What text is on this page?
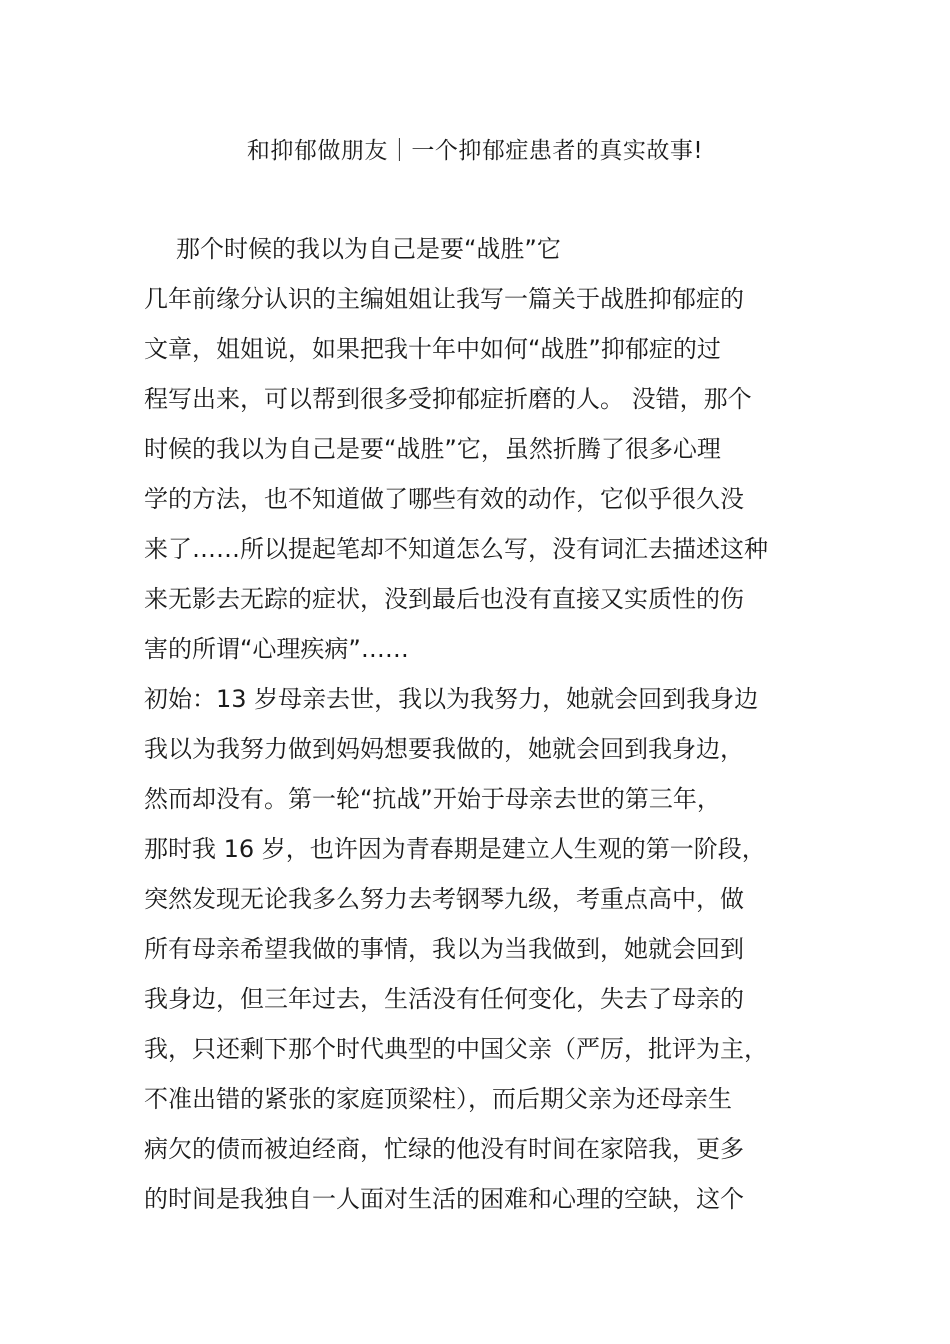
和抑郁做朋友｜一个抑郁症患者的真实故事!
那个时候的我以为自己是要“战胜”它
几年前缘分认识的主编姐姐让我写一篇关于战胜抑郁症的
文章，姐姐说，如果把我十年中如何“战胜”抑郁症的过
程写出来，可以帮到很多受抑郁症折磨的人。 没错，那个
时候的我以为自己是要“战胜”它，虽然折腾了很多心理
学的方法，也不知道做了哪些有效的动作，它似乎很久没
来了……所以提起笔却不知道怎么写，没有词汇去描述这种
来无影去无踪的症状，没到最后也没有直接又实质性的伤
害的所谓“心理疾病”……
初始：13 岁母亲去世，我以为我努力，她就会回到我身边
我以为我努力做到妈妈想要我做的，她就会回到我身边，
然而却没有。第一轮“抗战”开始于母亲去世的第三年，
那时我 16 岁，也许因为青春期是建立人生观的第一阶段，
突然发现无论我多么努力去考钢琴九级，考重点高中，做
所有母亲希望我做的事情，我以为当我做到，她就会回到
我身边，但三年过去，生活没有任何变化，失去了母亲的
我，只还剩下那个时代典型的中国父亲（严厉，批评为主，
不准出错的紧张的家庭顶梁柱），而后期父亲为还母亲生
病欠的债而被迫经商，忙绿的他没有时间在家陪我，更多
的时间是我独自一人面对生活的困难和心理的空缺，这个
